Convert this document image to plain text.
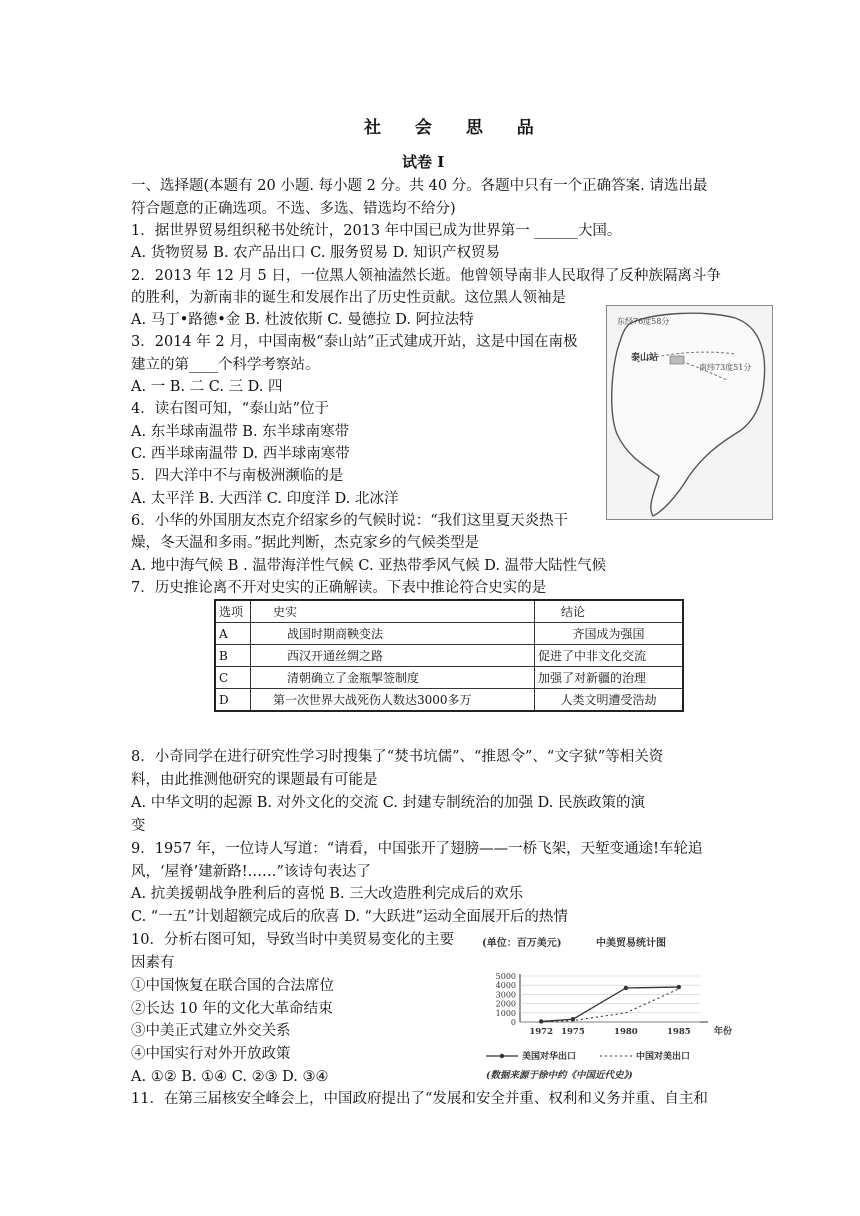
社 会 思 品
试卷 Ⅰ
一、选择题(本题有 20 小题. 每小题 2 分。共 40 分。各题中只有一个正确答案. 请选出最
符合题意的正确选项。不选、多选、错选均不给分)
1．据世界贸易组织秘书处统计，2013 年中国已成为世界第一 ______大国。
A. 货物贸易 B. 农产品出口 C. 服务贸易 D. 知识产权贸易
2．2013 年 12 月 5 日，一位黑人领袖溘然长逝。他曾领导南非人民取得了反种族隔离斗争
的胜利，为新南非的诞生和发展作出了历史性贡献。这位黑人领袖是
A. 马丁•路德•金 B. 杜波依斯 C. 曼德拉 D. 阿拉法特
3．2014 年 2 月，中国南极“泰山站”正式建成开站，这是中国在南极
建立的第____个科学考察站。
A. 一 B. 二 C. 三 D. 四
4．读右图可知，“泰山站”位于
A. 东半球南温带 B. 东半球南寒带
C. 西半球南温带 D. 西半球南寒带
5．四大洋中不与南极洲濒临的是
A. 太平洋 B. 大西洋 C. 印度洋 D. 北冰洋
6．小华的外国朋友杰克介绍家乡的气候时说：“我们这里夏天炎热干
燥，冬天温和多雨。”据此判断，杰克家乡的气候类型是
A. 地中海气候 B . 温带海洋性气候 C. 亚热带季风气候 D. 温带大陆性气候
7．历史推论离不开对史实的正确解读。下表中推论符合史实的是
8．小奇同学在进行研究性学习时搜集了“焚书坑儒”、“推恩令”、“文字狱”等相关资
料，由此推测他研究的课题最有可能是
A. 中华文明的起源 B. 对外文化的交流 C. 封建专制统治的加强 D. 民族政策的演
变
9．1957 年，一位诗人写道：“请看，中国张开了翅膀——一桥飞架，天堑变通途!车轮追
风，‘屋脊’建新路!……”该诗句表达了
A. 抗美援朝战争胜利后的喜悦 B. 三大改造胜利完成后的欢乐
C. “一五”计划超额完成后的欣喜 D. “大跃进”运动全面展开后的热情
10．分析右图可知，导致当时中美贸易变化的主要
因素有
①中国恢复在联合国的合法席位
②长达 10 年的文化大革命结束
③中美正式建立外交关系
④中国实行对外开放政策
A. ①② B. ①④ C. ②③ D. ③④
11．在第三届核安全峰会上，中国政府提出了“发展和安全并重、权利和义务并重、自主和
选项	史实	结论
A	战国时期商鞅变法	齐国成为强国
B	西汉开通丝绸之路	促进了中非文化交流
C	清朝确立了金瓶掣签制度	加强了对新疆的治理
D	第一次世界大战死伤人数达3000多万	人类文明遭受浩劫
东经76度58分
泰山站
南纬73度51分
(单位：百万美元)	中美贸易统计图
0
1000
2000
3000
4000
5000
1972 1975	1980	1985	年份
美国对华出口	中国对美出口
(数据来源于徐中约《中国近代史》)
